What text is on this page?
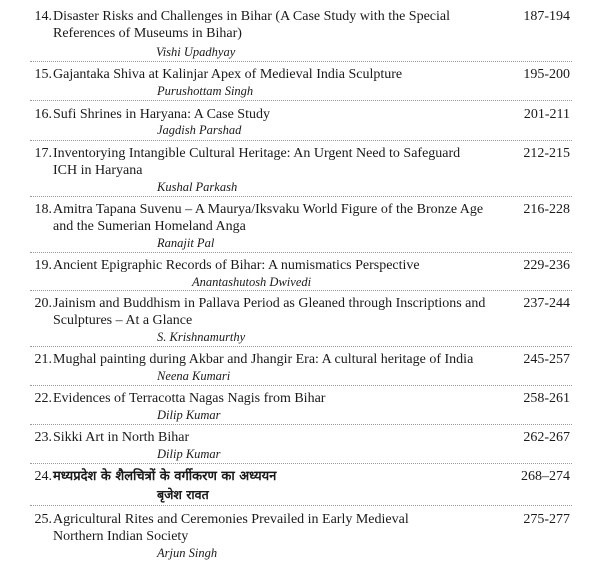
14. Disaster Risks and Challenges in Bihar (A Case Study with the Special
References of Museums in Bihar)
187-194
Vishi Upadhyay
15. Gajantaka Shiva at Kalinjar Apex of Medieval India Sculpture	195-200
Purushottam Singh
16. Sufi Shrines in Haryana: A Case Study	201-211
Jagdish Parshad
17. Inventorying Intangible Cultural Heritage: An Urgent Need to Safeguard
ICH in Haryana
212-215
Kushal Parkash
18. Amitra Tapana Suvenu – A Maurya/Iksvaku World Figure of the Bronze Age
and the Sumerian Homeland Anga
216-228
Ranajit Pal
19. Ancient Epigraphic Records of Bihar: A numismatics Perspective	229-236
Anantashutosh Dwivedi
20. Jainism and Buddhism in Pallava Period as Gleaned through Inscriptions and
Sculptures – At a Glance
237-244
S. Krishnamurthy
21. Mughal painting during Akbar and Jhangir Era: A cultural heritage of India	245-257
Neena Kumari
22. Evidences of Terracotta Nagas Nagis from Bihar	258-261
Dilip Kumar
23. Sikki Art in North Bihar	262-267
Dilip Kumar
24. मध्यप्रदेश के शैलचित्रों के वर्गीकरण का अध्ययन	268–274
बृजेश रावत
25. Agricultural Rites and Ceremonies Prevailed in Early Medieval
Northern Indian Society
275-277
Arjun Singh
